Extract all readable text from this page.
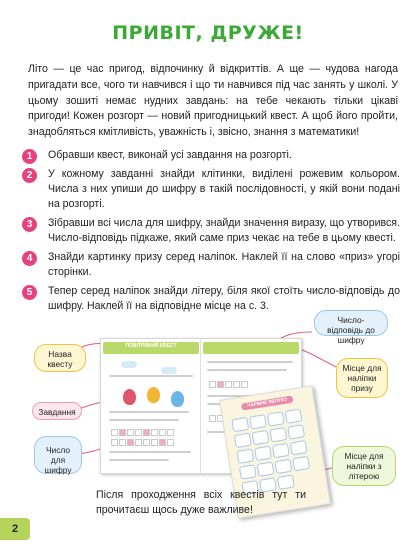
ПРИВІТ, ДРУЖЕ!
Літо — це час пригод, відпочинку й відкриттів. А ще — чудова нагода пригадати все, чого ти навчився і що ти навчився під час занять у школі. У цьому зошиті немає нудних завдань: на тебе чекають тільки цікаві пригоди! Кожен розгорт — новий пригодницький квест. А щоб його пройти, знадобляться кмітливість, уважність і, звісно, знання з математики!
1	Обравши квест, виконай усі завдання на розгорті.
2	У кожному завданні знайди клітинки, виділені рожевим кольором. Числа з них упиши до шифру в такій послідовності, у якій вони подані на розгорті.
3	Зібравши всі числа для шифру, знайди значення виразу, що утворився. Число-відповідь підкаже, який саме приз чекає на тебе в цьому квесті.
4	Знайди картинку призу серед наліпок. Наклей її на слово «приз» угорі сторінки.
5	Тепер серед наліпок знайди літеру, біля якої стоїть число-відповідь до шифру. Наклей її на відповідне місце на с. 3.
ПОВІТРЯНИЙ КВЕСТ
ЧАРІВНЕ ЯБЛУКО
Назва квесту
Завдання
Число для шифру
Число-відповідь до шифру
Місце для наліпки призу
Місце для наліпки з літерою
Після проходження всіх квестів тут ти прочитаєш щось дуже важливе!
2
